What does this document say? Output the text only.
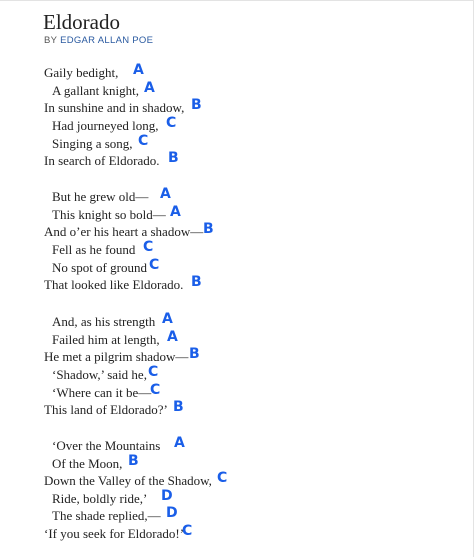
Eldorado
BY EDGAR ALLAN POE
Gaily bedight, A
A gallant knight, A
In sunshine and in shadow, B
Had journeyed long, C
Singing a song, C
In search of Eldorado. B
But he grew old— A
This knight so bold— A
And o’er his heart a shadow— B
Fell as he found C
No spot of ground C
That looked like Eldorado. B
And, as his strength A
Failed him at length, A
He met a pilgrim shadow— B
‘Shadow,’ said he, C
‘Where can it be—
C
This land of Eldorado?’ B
‘Over the Mountains A
Of the Moon, B
Down the Valley of the Shadow, C
Ride, boldly ride,’ D
The shade replied,— D
‘If you seek for Eldorado!’
C
